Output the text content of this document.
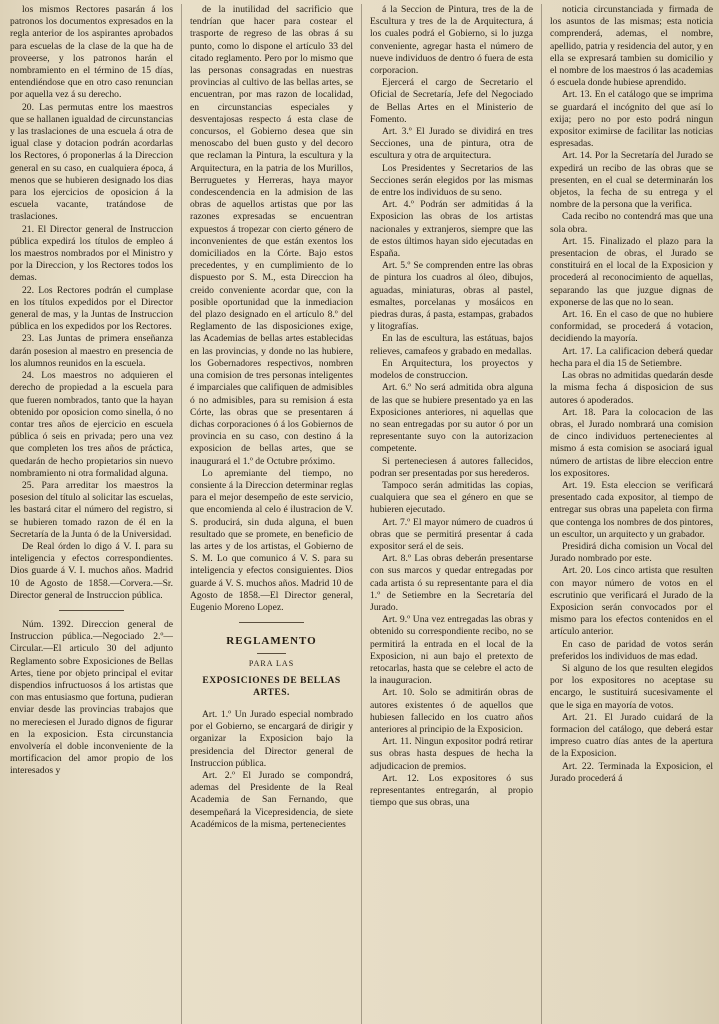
los mismos Rectores pasarán á los patronos los documentos expresados en la regla anterior de los aspirantes aprobados para escuelas de la clase de la que ha de proveerse, y los patronos harán el nombramiento en el término de 15 días, entendiéndose que en otro caso renuncian por aquella vez á su derecho.

20. Las permutas entre los maestros que se hallanen igualdad de circunstancias y las traslaciones de una escuela á otra de igual clase y dotacion podrán acordarlas los Rectores, ó proponerlas á la Direccion general en su caso, en cualquiera época, á menos que se hubieren designado los dias para los ejercicios de oposicion á la escuela vacante, tratándose de traslaciones.

21. El Director general de Instruccion pública expedirá los títulos de empleo á los maestros nombrados por el Ministro y por la Direccion, y los Rectores todos los demas.

22. Los Rectores podrán el cumplase en los títulos expedidos por el Director general de mas, y la Juntas de Instruccion pública en los expedidos por los Rectores.

23. Las Juntas de primera enseñanza darán posesion al maestro en presencia de los alumnos reunidos en la escuela.

24. Los maestros no adquieren el derecho de propiedad a la escuela para que fueren nombrados, tanto que la hayan obtenido por oposicion como sinella, ó no contar tres años de ejercicio en escuela pública ó seis en privada; pero una vez que completen los tres años de práctica, quedarán de hecho propietarios sin nuevo nombramiento ni otra formalidad alguna.

25. Para arreditar los maestros la posesion del título al solicitar las escuelas, les bastará citar el número del registro, si se hubieren tomado razon de él en la Secretaría de la Junta ó de la Universidad.

De Real órden lo digo á V. I. para su inteligencia y efectos correspondientes. Dios guarde á V. I. muchos años. Madrid 10 de Agosto de 1858.—Corvera.—Sr. Director general de Instruccion pública.

Núm. 1392. Direccion general de Instruccion pública.—Negociado 2.º—Circular.—El articulo 30 del adjunto Reglamento sobre Exposiciones de Bellas Artes, tiene por objeto principal el evitar dispendios infructuosos á los artistas que con mas entusiasmo que fortuna, pudieran enviar desde las provincias trabajos que no mereciesen el Jurado dignos de figurar en la exposicion. Esta circunstancia envolvería el doble inconveniente de la mortificacion del amor propio de los interesados y

de la inutilidad del sacrificio que tendrían que hacer para costear el trasporte de regreso de las obras á su punto, como lo dispone el artículo 33 del citado reglamento. Pero por lo mismo que las personas consagradas en nuestras provincias al cultivo de las bellas artes, se encuentran, por mas razon de localidad, en circunstancias especiales y desventajosas respecto á esta clase de concursos, el Gobierno desea que sin menoscabo del buen gusto y del decoro que reclaman la Pintura, la escultura y la Arquitectura, en la patria de los Murillos, Berruguetes y Herreras, haya mayor condescendencia en la admision de las obras de aquellos artistas que por las razones expresadas se encuentran expuestos á tropezar con cierto género de inconvenientes de que están exentos los domiciliados en la Córte. Bajo estos precedentes, y en cumplimiento de lo dispuesto por S. M., esta Direccion ha creido conveniente acordar que, con la posible oportunidad que la inmediacion del plazo designado en el artículo 8.º del Reglamento de las disposiciones exige, las Academias de bellas artes establecidas en las provincias, y donde no las hubiere, los Gobernadores respectivos, nombren una comision de tres personas inteligentes é imparciales que califiquen de admisibles ó no admisibles, para su remision á esta Córte, las obras que se presentaren á dichas corporaciones ó á los Gobiernos de provincia en su caso, con destino á la exposicion de bellas artes, que se inaugurará el 1.º de Octubre próximo.

Lo apremiante del tiempo, no consiente á la Direccion determinar reglas para el mejor desempeño de este servicio, que encomienda al celo é ilustracion de V. S. producirá, sin duda alguna, el buen resultado que se promete, en beneficio de las artes y de los artistas, el Gobierno de S. M. Lo que comunico á V. S. para su inteligencia y efectos consiguientes. Dios guarde á V. S. muchos años. Madrid 10 de Agosto de 1858.—El Director general, Eugenio Moreno Lopez.

REGLAMENTO

PARA LAS

EXPOSICIONES DE BELLAS ARTES.

Art. 1.º Un Jurado especial nombrado por el Gobierno, se encargará de dirigir y organizar la Exposicion bajo la presidencia del Director general de Instruccion pública.

Art. 2.º El Jurado se compondrá, ademas del Presidente de la Real Academia de San Fernando, que desempeñará la Vicepresidencia, de siete Académicos de la misma, pertenecientes

á la Seccion de Pintura, tres de la de Escultura y tres de la de Arquitectura, á los cuales podrá el Gobierno, si lo juzga conveniente, agregar hasta el número de nueve individuos de dentro ó fuera de esta corporacion.

Ejercerá el cargo de Secretario el Oficial de Secretaría, Jefe del Negociado de Bellas Artes en el Ministerio de Fomento.

Art. 3.º El Jurado se dividirá en tres Secciones, una de pintura, otra de escultura y otra de arquitectura.

Los Presidentes y Secretarios de las Secciones serán elegidos por las mismas de entre los individuos de su seno.

Art. 4.º Podrán ser admitidas á la Exposicion las obras de los artistas nacionales y extranjeros, siempre que las de estos últimos hayan sido ejecutadas en España.

Art. 5.º Se comprenden entre las obras de pintura los cuadros al óleo, dibujos, aguadas, miniaturas, obras al pastel, esmaltes, porcelanas y mosáicos en piedras duras, á pasta, estampas, grabados y litografías.

En las de escultura, las estátuas, bajos relieves, camafeos y grabado en medallas.

En Arquitectura, los proyectos y modelos de construccion.

Art. 6.º No será admitida obra alguna de las que se hubiere presentado ya en las Exposiciones anteriores, ni aquellas que no sean entregadas por su autor ó por un representante suyo con la autorizacion competente.

Si perteneciesen á autores fallecidos, podran ser presentadas por sus herederos.

Tampoco serán admitidas las copias, cualquiera que sea el género en que se hubieren ejecutado.

Art. 7.º El mayor número de cuadros ú obras que se permitirá presentar á cada expositor será el de seis.

Art. 8.º Las obras deberán presentarse con sus marcos y quedar entregadas por cada artista ó su representante para el dia 1.º de Setiembre en la Secretaría del Jurado.

Art. 9.º Una vez entregadas las obras y obtenido su correspondiente recibo, no se permitirá la entrada en el local de la Exposicion, ni aun bajo el pretexto de retocarlas, hasta que se celebre el acto de la inauguracion.

Art. 10. Solo se admitirán obras de autores existentes ó de aquellos que hubiesen fallecido en los cuatro años anteriores al principio de la Exposicion.

Art. 11. Ningun expositor podrá retirar sus obras hasta despues de hecha la adjudicacion de premios.

Art. 12. Los expositores ó sus representantes entregarán, al propio tiempo que sus obras, una

noticia circunstanciada y firmada de los asuntos de las mismas; esta noticia comprenderá, ademas, el nombre, apellido, patria y residencia del autor, y en ella se expresará tambien su domicilio y el nombre de los maestros ó las academias ó escuela donde hubiese aprendido.

Art. 13. En el catálogo que se imprima se guardará el incógnito del que así lo exija; pero no por esto podrá ningun expositor eximirse de facilitar las noticias espresadas.

Art. 14. Por la Secretaría del Jurado se expedirá un recibo de las obras que se presenten, en el cual se determinarán los objetos, la fecha de su entrega y el nombre de la persona que la verifica.

Cada recibo no contendrá mas que una sola obra.

Art. 15. Finalizado el plazo para la presentacion de obras, el Jurado se constituirá en el local de la Exposicion y procederá al reconocimiento de aquellas, separando las que juzgue dignas de exponerse de las que no lo sean.

Art. 16. En el caso de que no hubiere conformidad, se procederá á votacion, decidiendo la mayoría.

Art. 17. La calificacion deberá quedar hecha para el dia 15 de Setiembre.

Las obras no admitidas quedarán desde la misma fecha á disposicion de sus autores ó apoderados.

Art. 18. Para la colocacion de las obras, el Jurado nombrará una comision de cinco individuos pertenecientes al mismo á esta comision se asociará igual número de artistas de libre eleccion entre los expositores.

Art. 19. Esta eleccion se verificará presentado cada expositor, al tiempo de entregar sus obras una papeleta con firma que contenga los nombres de dos pintores, un escultor, un arquitecto y un grabador.

Presidirá dicha comision un Vocal del Jurado nombrado por este.

Art. 20. Los cinco artista que resulten con mayor número de votos en el escrutinio que verificará el Jurado de la Exposicion serán convocados por el mismo para los efectos contenidos en el artículo anterior.

En caso de paridad de votos serán preferidos los individuos de mas edad.

Si alguno de los que resulten elegidos por los expositores no aceptase su encargo, le sustituirá sucesivamente el que le siga en mayoría de votos.

Art. 21. El Jurado cuidará de la formacion del catálogo, que deberá estar impreso cuatro días antes de la apertura de la Exposicion.

Art. 22. Terminada la Exposicion, el Jurado procederá á
